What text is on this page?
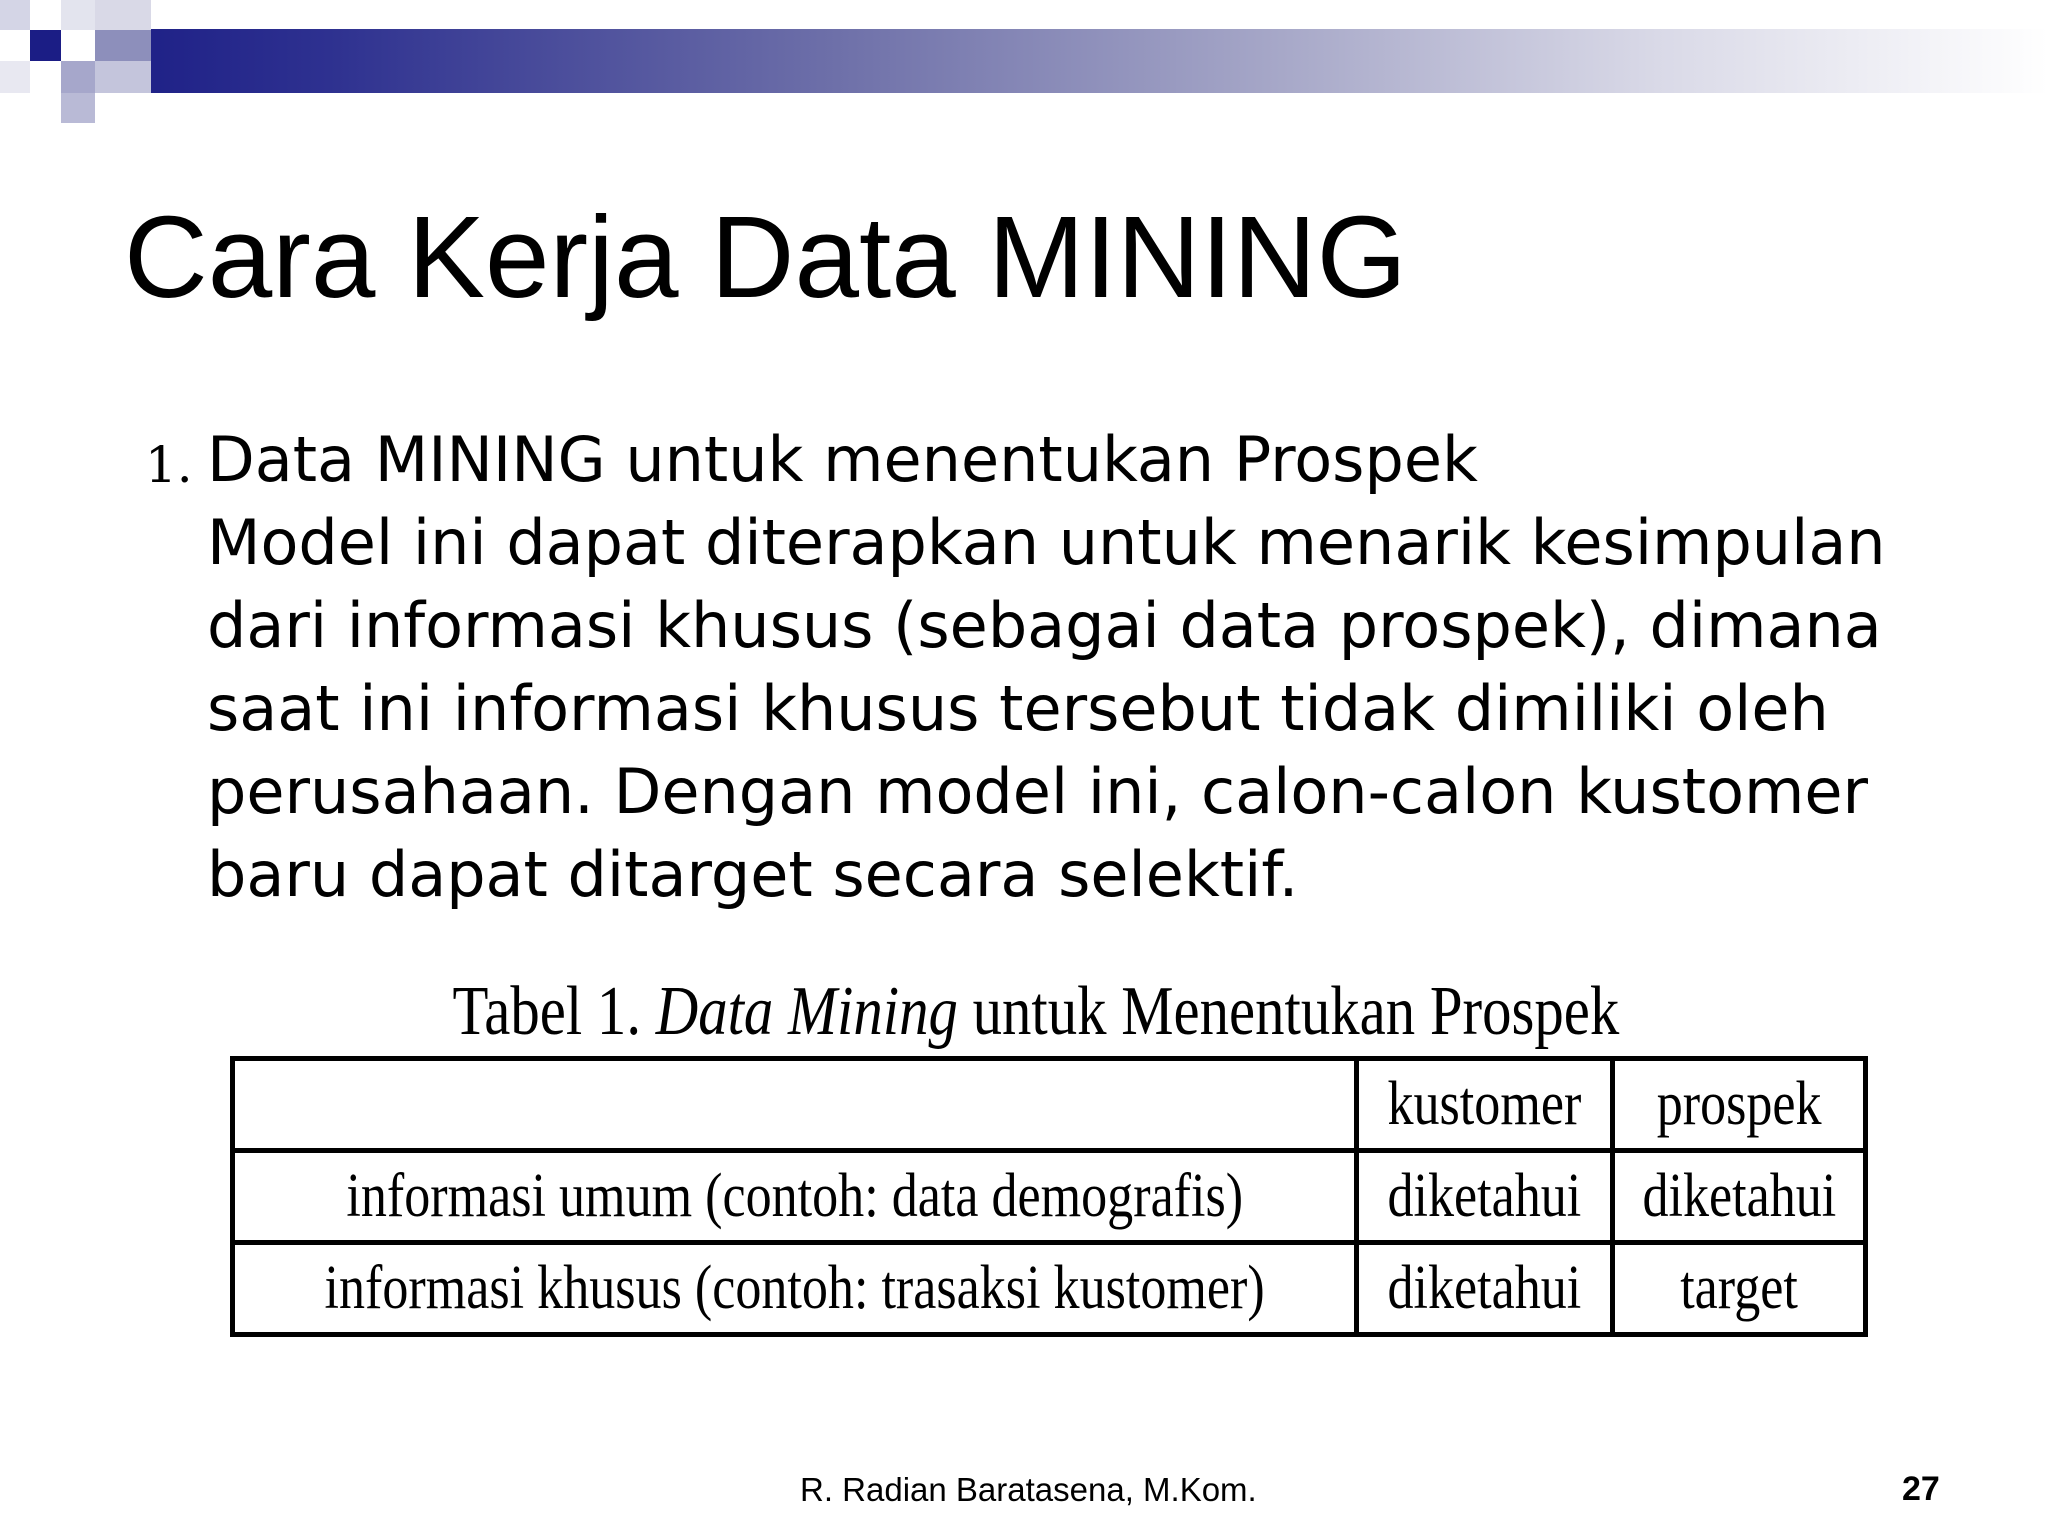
Cara Kerja Data MINING
1. Data MINING untuk menentukan Prospek
Model ini dapat diterapkan untuk menarik kesimpulan
dari informasi khusus (sebagai data prospek), dimana
saat ini informasi khusus tersebut tidak dimiliki oleh
perusahaan. Dengan model ini, calon-calon kustomer
baru dapat ditarget secara selektif.
Tabel 1. Data Mining untuk Menentukan Prospek
	kustomer	prospek
informasi umum (contoh: data demografis)	diketahui	diketahui
informasi khusus (contoh: trasaksi kustomer)	diketahui	target
R. Radian Baratasena, M.Kom.	27
